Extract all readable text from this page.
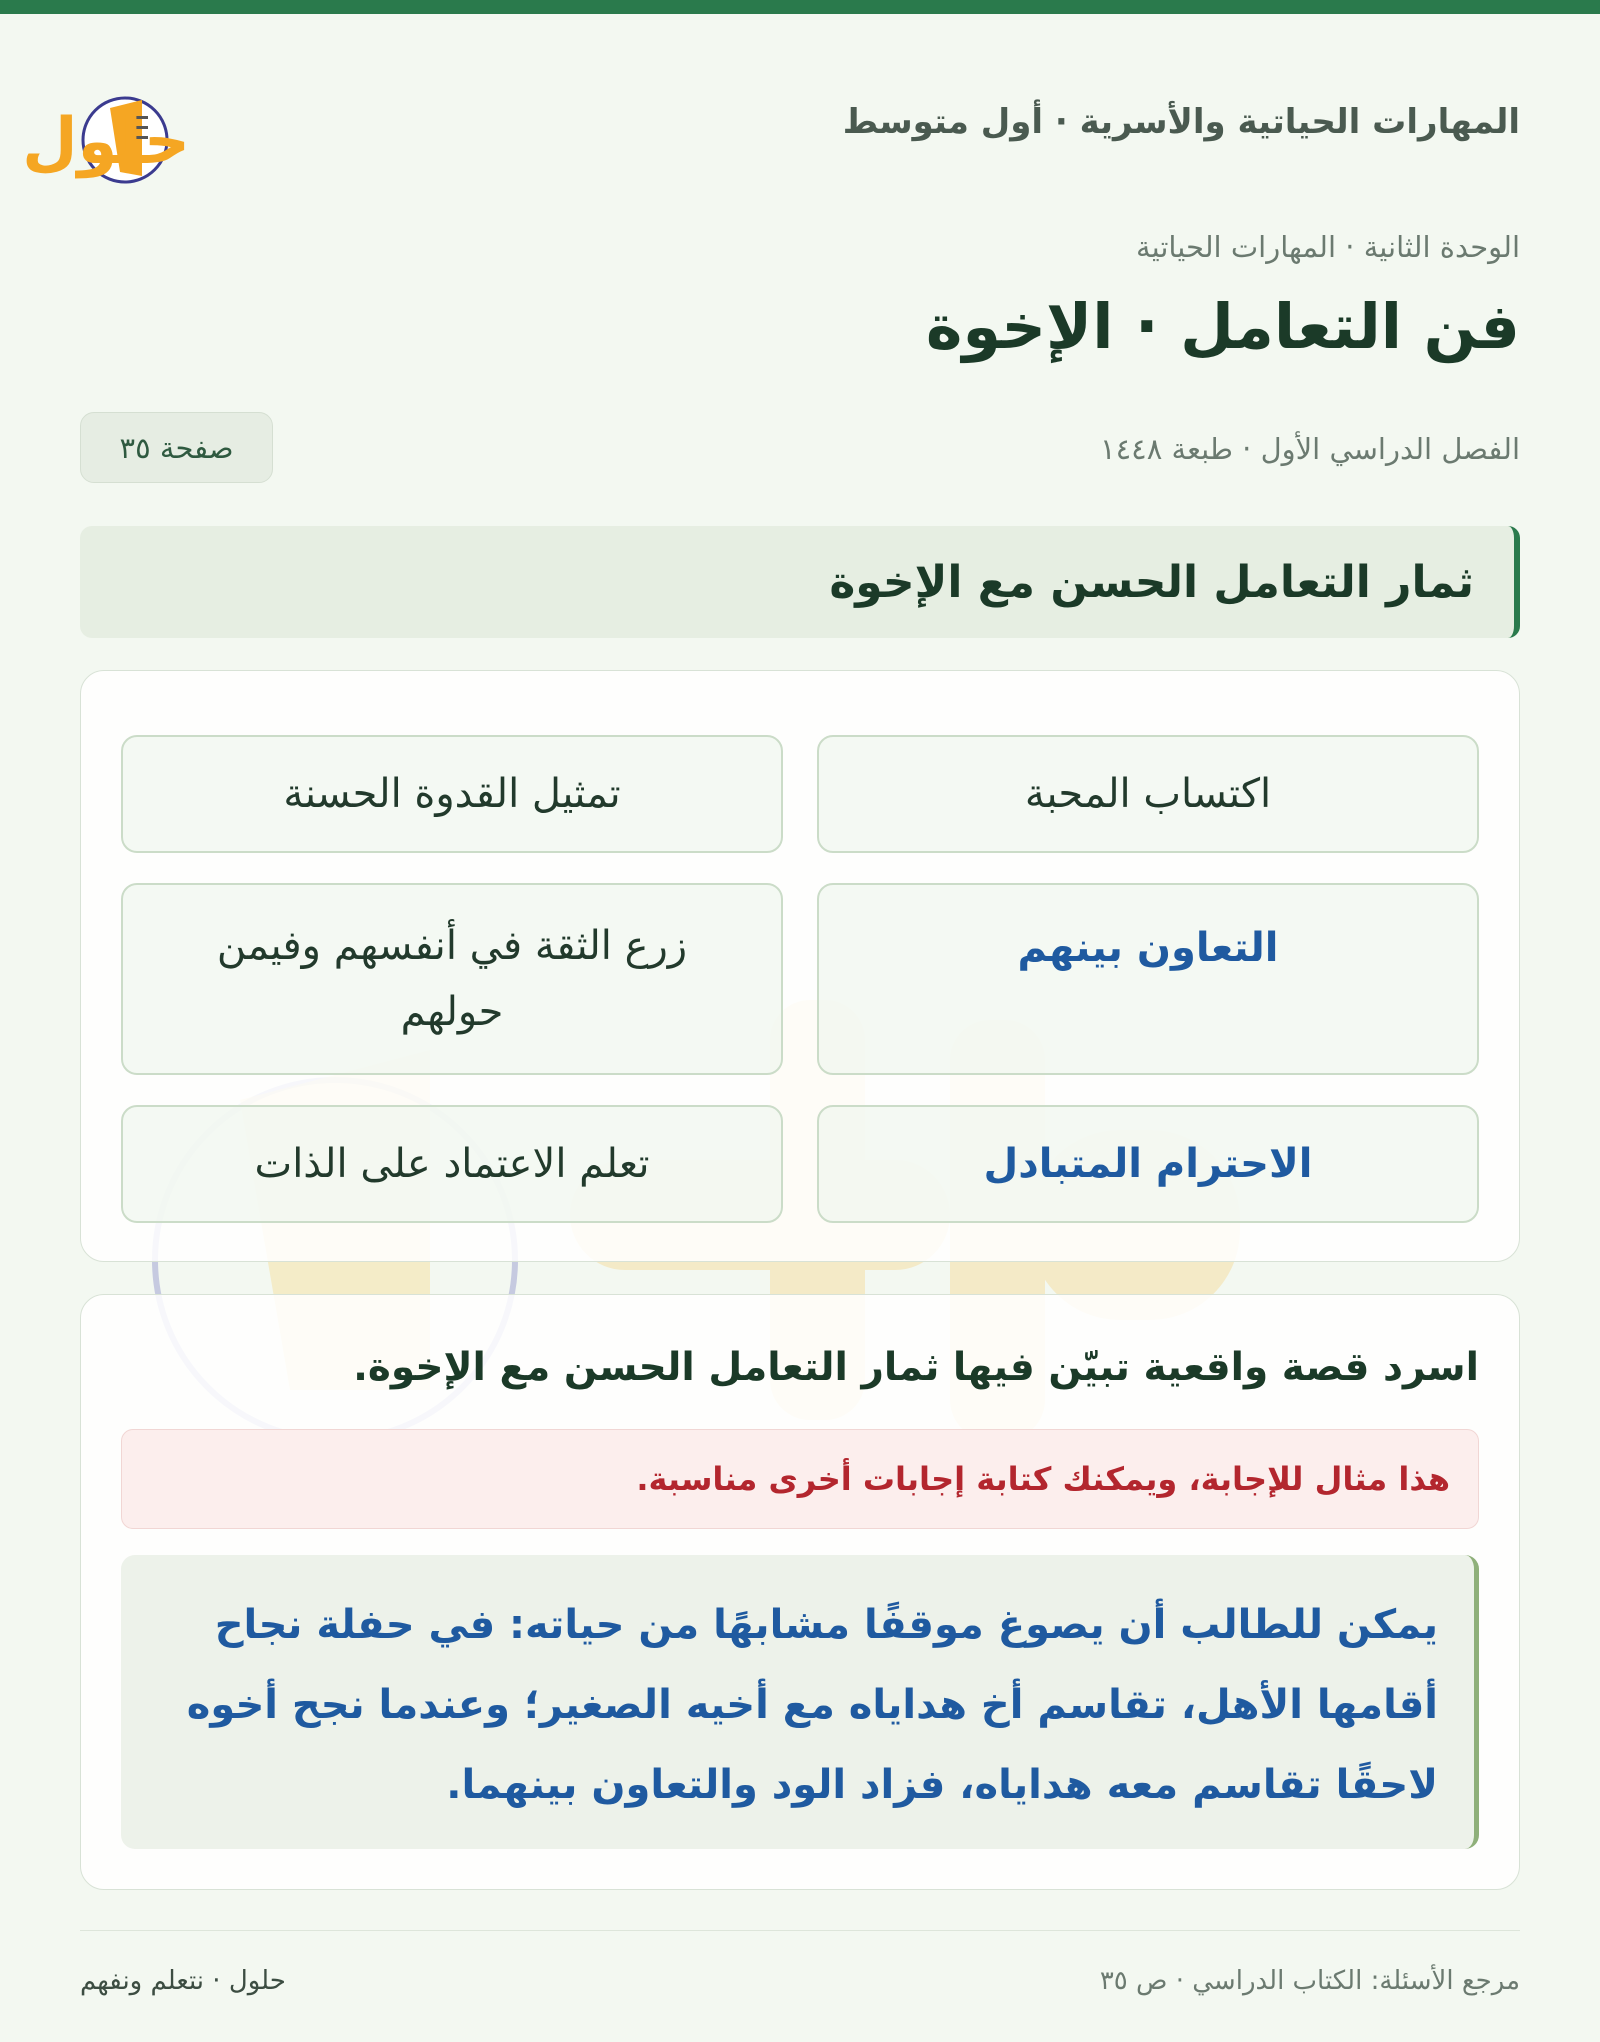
المهارات الحياتية والأسرية · أول متوسط
حلول
الوحدة الثانية · المهارات الحياتية
فن التعامل · الإخوة
الفصل الدراسي الأول · طبعة ١٤٤٨
صفحة ٣٥
ثمار التعامل الحسن مع الإخوة
اكتساب المحبة
تمثيل القدوة الحسنة
التعاون بينهم
زرع الثقة في أنفسهم وفيمن حولهم
الاحترام المتبادل
تعلم الاعتماد على الذات
اسرد قصة واقعية تبيّن فيها ثمار التعامل الحسن مع الإخوة.
هذا مثال للإجابة، ويمكنك كتابة إجابات أخرى مناسبة.

يمكن للطالب أن يصوغ موقفًا مشابهًا من حياته: في حفلة نجاح أقامها الأهل، تقاسم أخ هداياه مع أخيه الصغير؛ وعندما نجح أخوه لاحقًا تقاسم معه هداياه، فزاد الود والتعاون بينهما.

مرجع الأسئلة: الكتاب الدراسي · ص ٣٥
حلول · نتعلم ونفهم
